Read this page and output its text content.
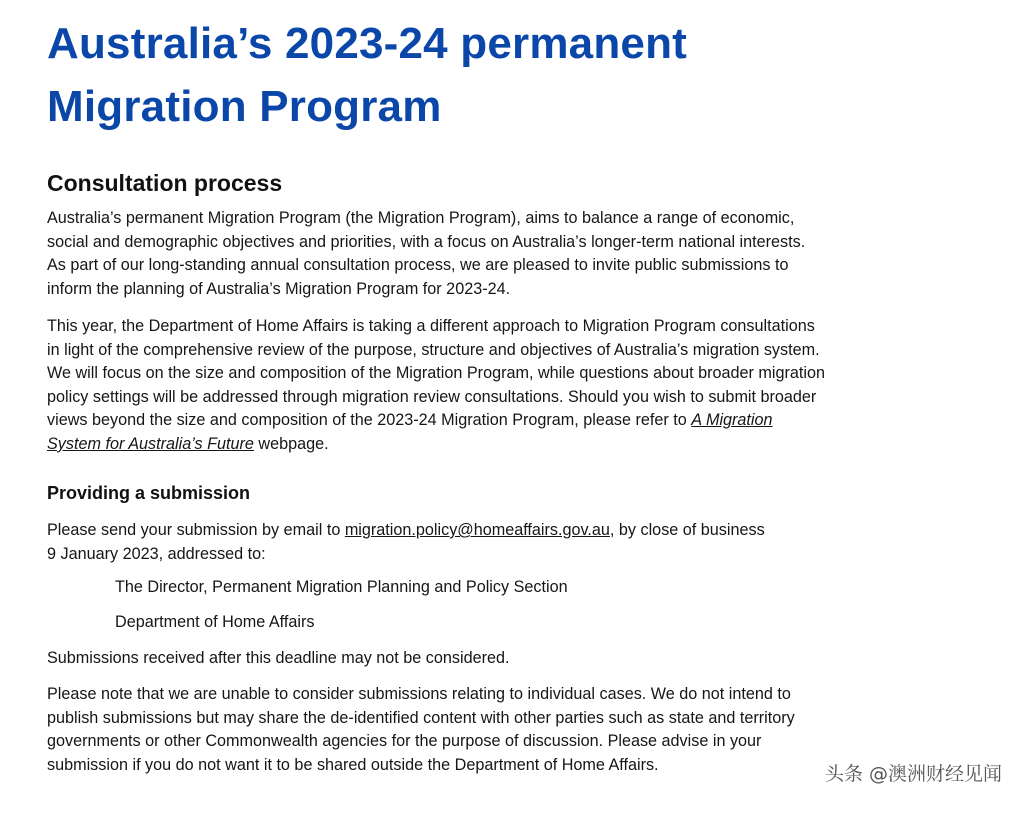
Australia’s 2023-24 permanent
Migration Program
Consultation process

Australia’s permanent Migration Program (the Migration Program), aims to balance a range of economic,
social and demographic objectives and priorities, with a focus on Australia’s longer-term national interests.
As part of our long-standing annual consultation process, we are pleased to invite public submissions to
inform the planning of Australia’s Migration Program for 2023-24.

This year, the Department of Home Affairs is taking a different approach to Migration Program consultations
in light of the comprehensive review of the purpose, structure and objectives of Australia’s migration system.
We will focus on the size and composition of the Migration Program, while questions about broader migration
policy settings will be addressed through migration review consultations. Should you wish to submit broader
views beyond the size and composition of the 2023-24 Migration Program, please refer to A Migration
System for Australia’s Future webpage.

Providing a submission

Please send your submission by email to migration.policy@homeaffairs.gov.au, by close of business
9 January 2023, addressed to:

The Director, Permanent Migration Planning and Policy Section

Department of Home Affairs

Submissions received after this deadline may not be considered.

Please note that we are unable to consider submissions relating to individual cases. We do not intend to
publish submissions but may share the de-identified content with other parties such as state and territory
governments or other Commonwealth agencies for the purpose of discussion. Please advise in your
submission if you do not want it to be shared outside the Department of Home Affairs.	头条 @澳洲财经见闻
